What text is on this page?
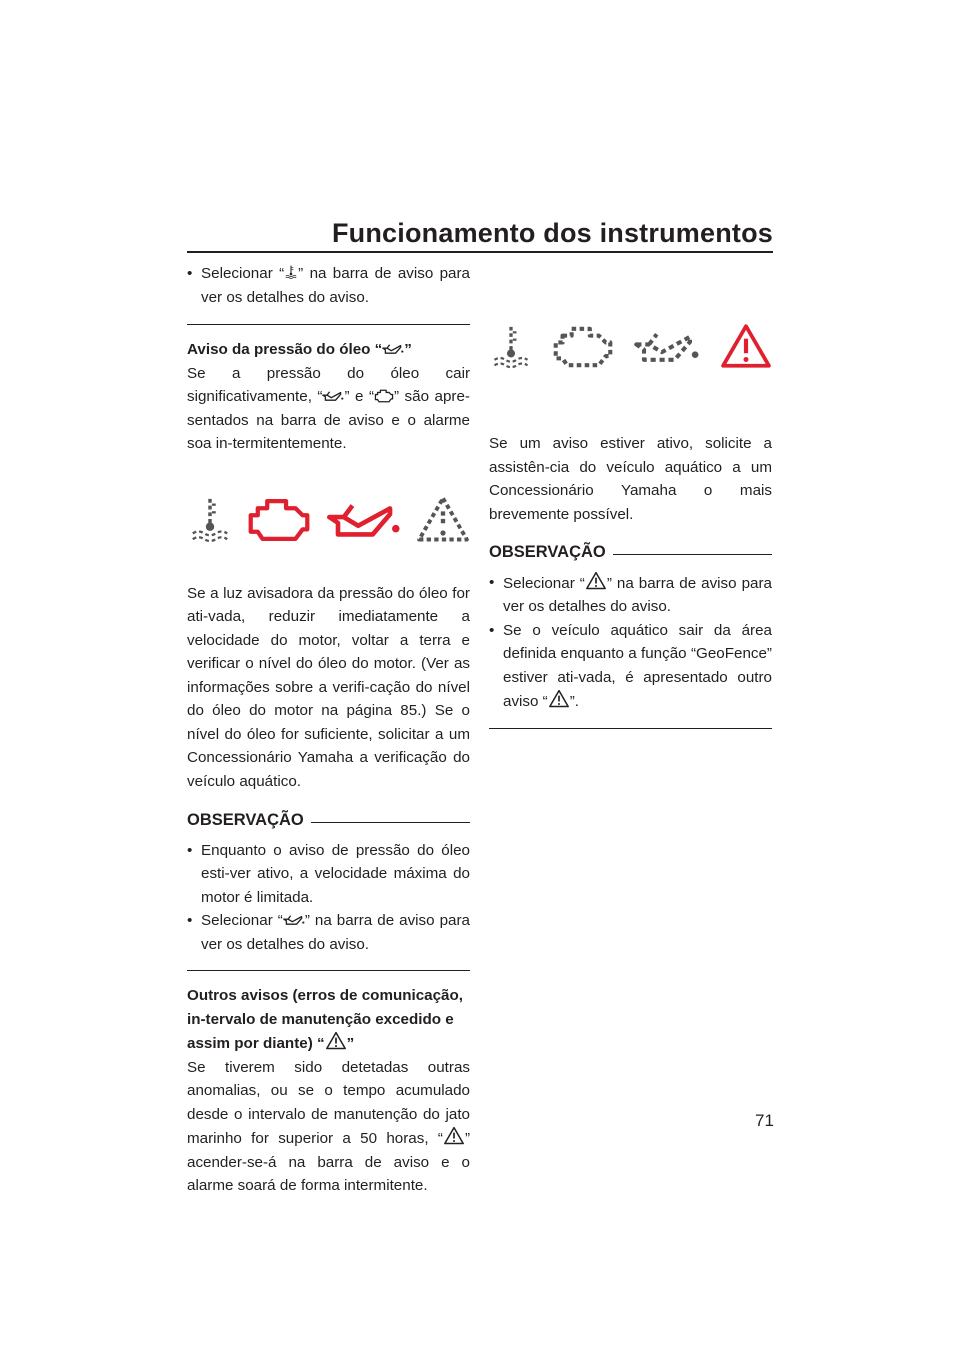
Funcionamento dos instrumentos

• Selecionar “ ” na barra de aviso para ver os detalhes do aviso.

Aviso da pressão do óleo “ ”

Se a pressão do óleo cair

significativamente, “ ” e “ ” são apre-

sentados na barra de aviso e o alarme soa in-termitentemente.

Se a luz avisadora da pressão do óleo for ati-vada, reduzir imediatamente a velocidade do motor, voltar a terra e verificar o nível do óleo do motor. (Ver as informações sobre a verifi-cação do nível do óleo do motor na página 85.) Se o nível do óleo for suficiente, solicitar a um Concessionário Yamaha a verificação do veículo aquático.

OBSERVAÇÃO

• Enquanto o aviso de pressão do óleo esti-ver ativo, a velocidade máxima do motor é limitada.

• Selecionar “ ” na barra de aviso para ver os detalhes do aviso.

Outros avisos (erros de comunicação, in-tervalo de manutenção excedido e assim por diante) “ ”

Se tiverem sido detetadas outras anomalias, ou se o tempo acumulado desde o intervalo de manutenção do jato marinho for superior a 50 horas, “ ” acender-se-á na barra de aviso e o alarme soará de forma intermitente.

Se um aviso estiver ativo, solicite a assistên-cia do veículo aquático a um Concessionário Yamaha o mais brevemente possível.

OBSERVAÇÃO

• Selecionar “ ” na barra de aviso para ver os detalhes do aviso.

• Se o veículo aquático sair da área definida enquanto a função “GeoFence” estiver ati-vada, é apresentado outro aviso “ ”.

71
